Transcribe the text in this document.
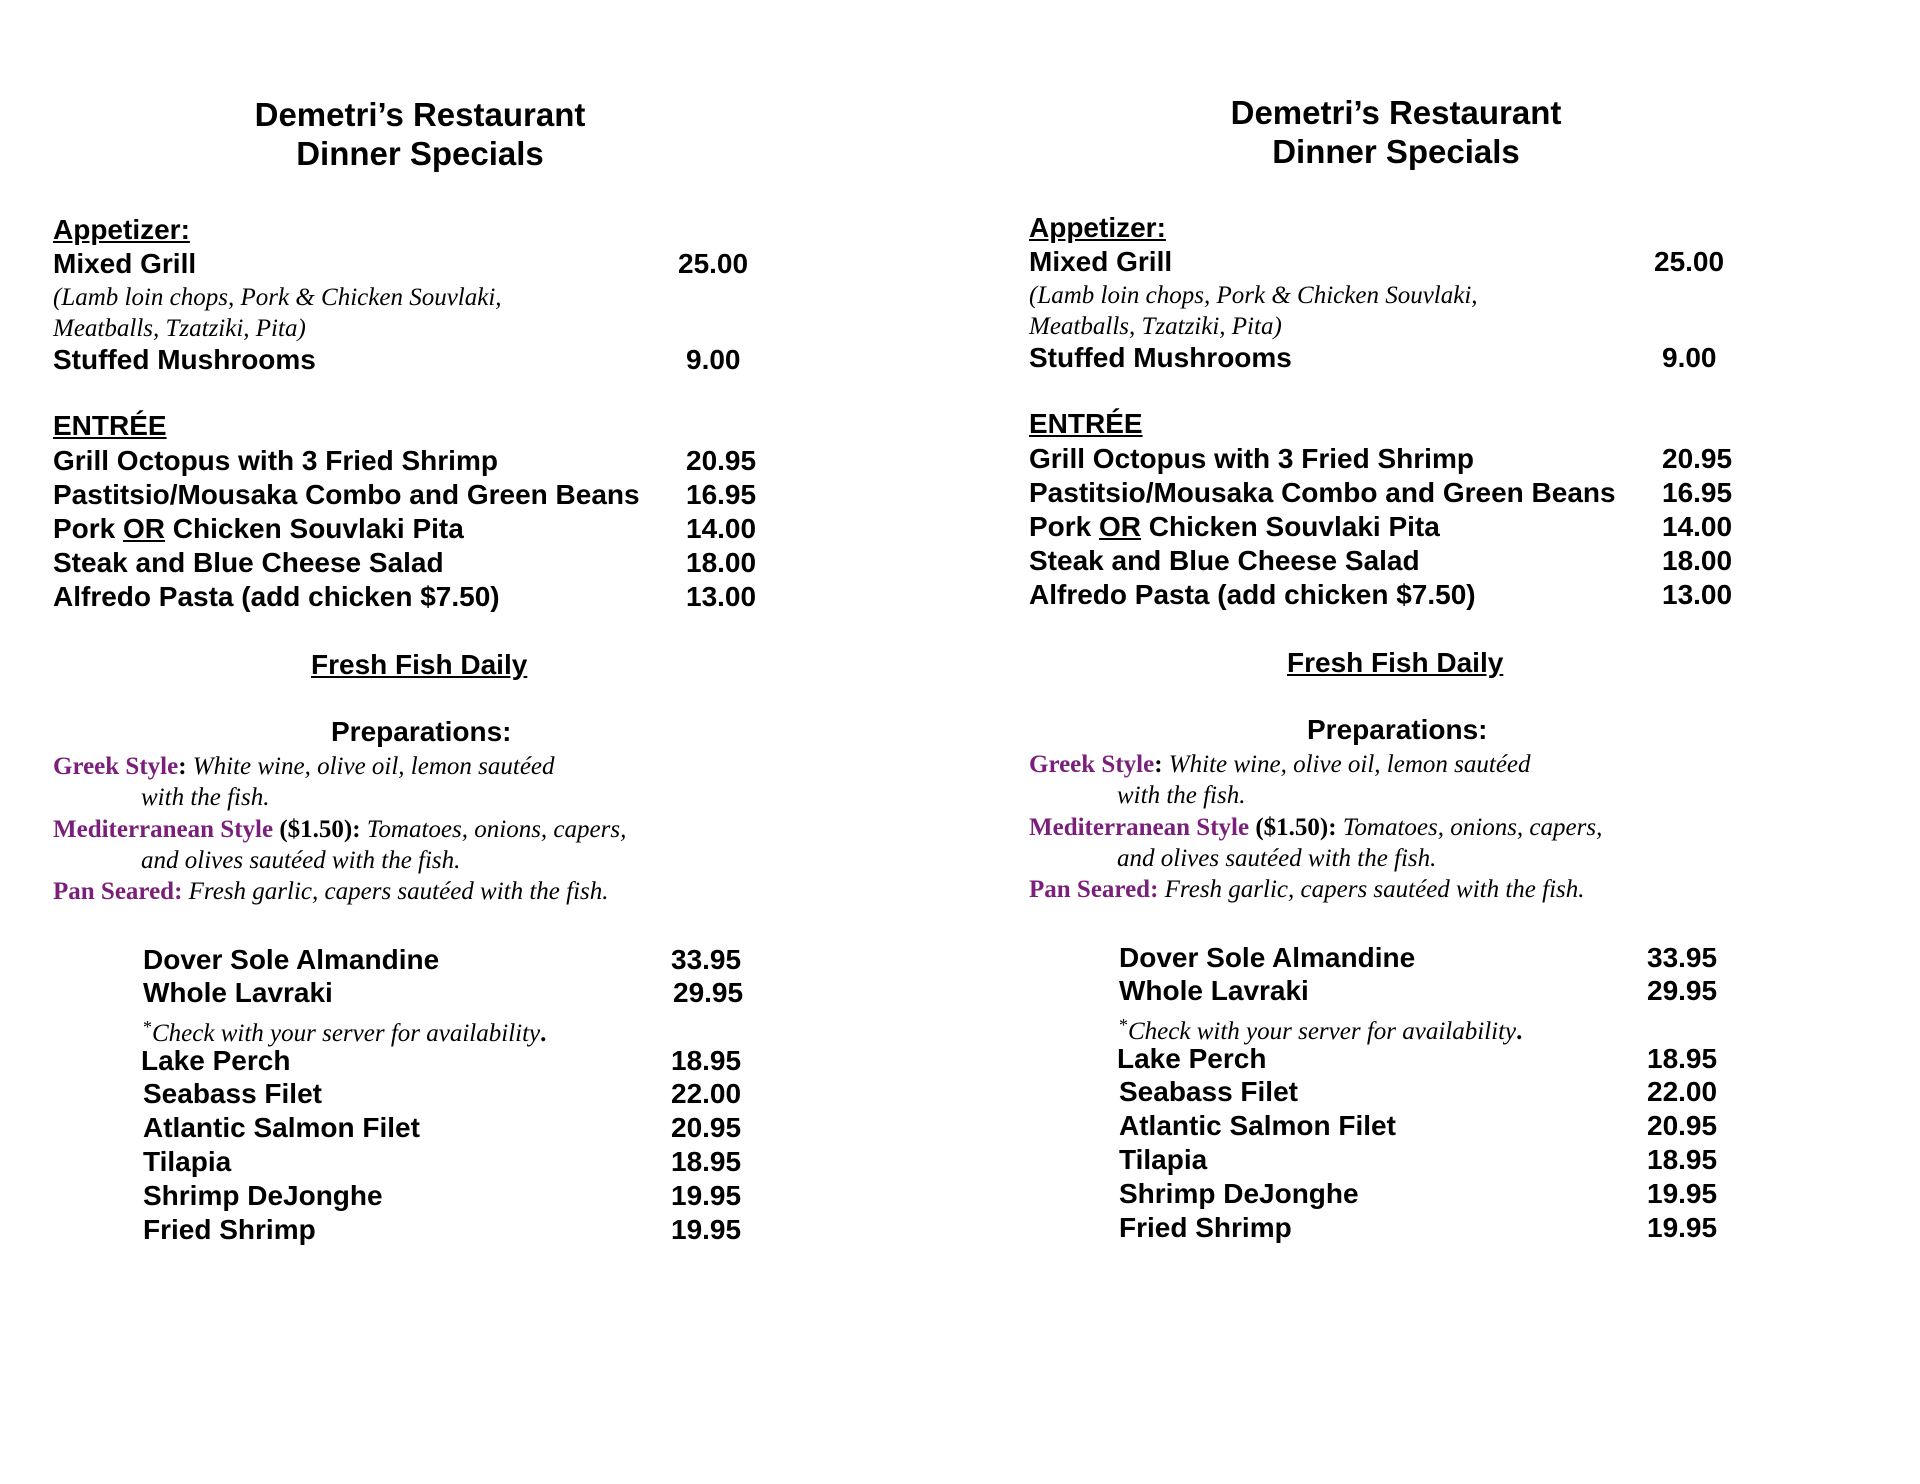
Demetri’s Restaurant
Dinner Specials
Appetizer:
Mixed Grill	25.00
(Lamb loin chops, Pork & Chicken Souvlaki,
Meatballs, Tzatziki, Pita)
Stuffed Mushrooms	9.00
ENTRÉE
Grill Octopus with 3 Fried Shrimp	20.95
Pastitsio/Mousaka Combo and Green Beans 16.95
Pork OR Chicken Souvlaki Pita	14.00
Steak and Blue Cheese Salad	18.00
Alfredo Pasta (add chicken $7.50)	13.00
Fresh Fish Daily
Preparations:
Greek Style: White wine, olive oil, lemon sautéed
with the fish.
Mediterranean Style ($1.50): Tomatoes, onions, capers,
and olives sautéed with the fish.
Pan Seared: Fresh garlic, capers sautéed with the fish.
Dover Sole Almandine	33.95
Whole Lavraki	29.95
*Check with your server for availability.
Lake Perch	18.95
Seabass Filet	22.00
Atlantic Salmon Filet	20.95
Tilapia	18.95
Shrimp DeJonghe	19.95
Fried Shrimp	19.95
Demetri’s Restaurant
Dinner Specials
Appetizer:
Mixed Grill	25.00
(Lamb loin chops, Pork & Chicken Souvlaki,
Meatballs, Tzatziki, Pita)
Stuffed Mushrooms	9.00
ENTRÉE
Grill Octopus with 3 Fried Shrimp	20.95
Pastitsio/Mousaka Combo and Green Beans 16.95
Pork OR Chicken Souvlaki Pita	14.00
Steak and Blue Cheese Salad	18.00
Alfredo Pasta (add chicken $7.50)	13.00
Fresh Fish Daily
Preparations:
Greek Style: White wine, olive oil, lemon sautéed
with the fish.
Mediterranean Style ($1.50): Tomatoes, onions, capers,
and olives sautéed with the fish.
Pan Seared: Fresh garlic, capers sautéed with the fish.
Dover Sole Almandine	33.95
Whole Lavraki	29.95
*Check with your server for availability.
Lake Perch	18.95
Seabass Filet	22.00
Atlantic Salmon Filet	20.95
Tilapia	18.95
Shrimp DeJonghe	19.95
Fried Shrimp	19.95
